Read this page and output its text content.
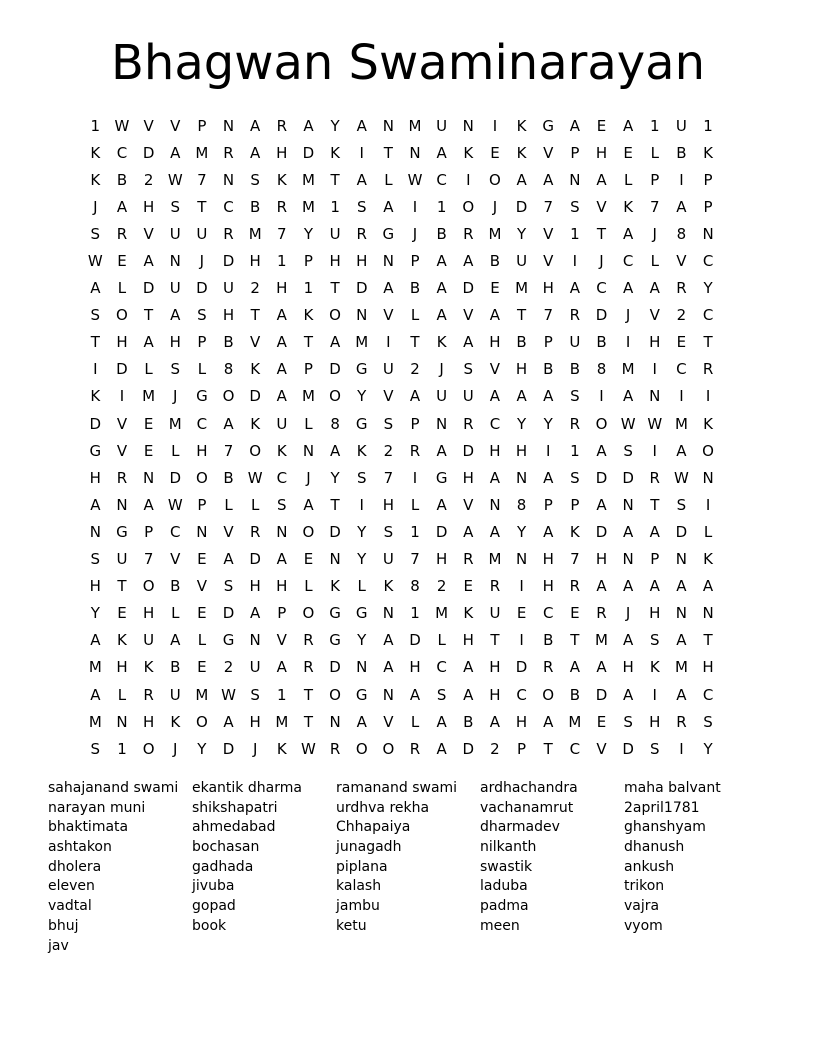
Bhagwan Swaminarayan
1 W V	V	P	N	A	R	A	Y	A	N M U	N	I	K	G	A	E	A	1	U	1
K	C	D	A	M R	A	H	D	K	I	T	N	A	K	E	K	V	P	H	E	L	B	K
K	B	2 W 7	N	S	K	M	T	A	L	W C	I	O	A	A	N	A	L	P	I	P
J	A	H	S	T	C	B	R M	1	S	A	I	1	O	J	D	7	S	V	K	7	A	P
S	R	V	U	U	R M	7	Y	U	R	G	J	B	R M	Y	V	1	T	A	J	8	N
W E	A	N	J	D	H	1	P	H	H	N	P	A	A	B	U	V	I	J	C	L	V	C
A	L	D	U	D	U	2	H	1	T	D	A	B	A	D	E	M H	A	C	A	A	R	Y
S	O	T	A	S	H	T	A	K	O	N	V	L	A	V	A	T	7	R	D	J	V	2	C
T	H	A	H	P	B	V	A	T	A	M	I	T	K	A	H	B	P	U	B	I	H	E	T
I	D	L	S	L	8	K	A	P	D	G	U	2	J	S	V	H	B	B	8	M	I	C	R
K	I	M	J	G O D	A	M O	Y	V	A	U	U	A	A	A	S	I	A	N	I	I
D	V	E	M C	A	K	U	L	8	G	S	P	N	R	C	Y	Y	R	O W W M	K
G	V	E	L	H	7	O	K	N	A	K	2	R	A	D	H	H	I	1	A	S	I	A	O
H	R	N	D O	B W C	J	Y	S	7	I	G	H	A	N	A	S	D	D	R W N
A	N	A W P	L	L	S	A	T	I	H	L	A	V	N	8	P	P	A	N	T	S	I
N	G	P	C	N	V	R	N	O D	Y	S	1	D	A	A	Y	A	K	D	A	A	D	L
S	U	7	V	E	A	D	A	E	N	Y	U	7	H	R M N	H	7	H	N	P	N	K
H	T	O	B	V	S	H	H	L	K	L	K	8	2	E	R	I	H	R	A	A	A	A	A
Y	E	H	L	E	D	A	P	O G	G	N	1	M	K	U	E	C	E	R	J	H	N	N
A	K	U	A	L	G	N	V	R	G	Y	A	D	L	H	T	I	B	T	M	A	S	A	T
M H	K	B	E	2	U	A	R	D	N	A	H	C	A	H	D	R	A	A	H	K	M H
A	L	R	U M W S	1	T	O G	N	A	S	A	H	C	O	B	D	A	I	A	C
M N	H	K	O	A	H M	T	N	A	V	L	A	B	A	H	A	M	E	S	H	R	S
S	1	O	J	Y	D	J	K W R	O O	R	A	D	2	P	T	C	V	D	S	I	Y
sahajanand swami
narayan muni
bhaktimata
ashtakon
dholera
eleven
vadtal
bhuj
jav
ekantik dharma
shikshapatri
ahmedabad
bochasan
gadhada
jivuba
gopad
book
ramanand swami
urdhva rekha
Chhapaiya
junagadh
piplana
kalash
jambu
ketu
ardhachandra
vachanamrut
dharmadev
nilkanth
swastik
laduba
padma
meen
maha balvant
2april1781
ghanshyam
dhanush
ankush
trikon
vajra
vyom
